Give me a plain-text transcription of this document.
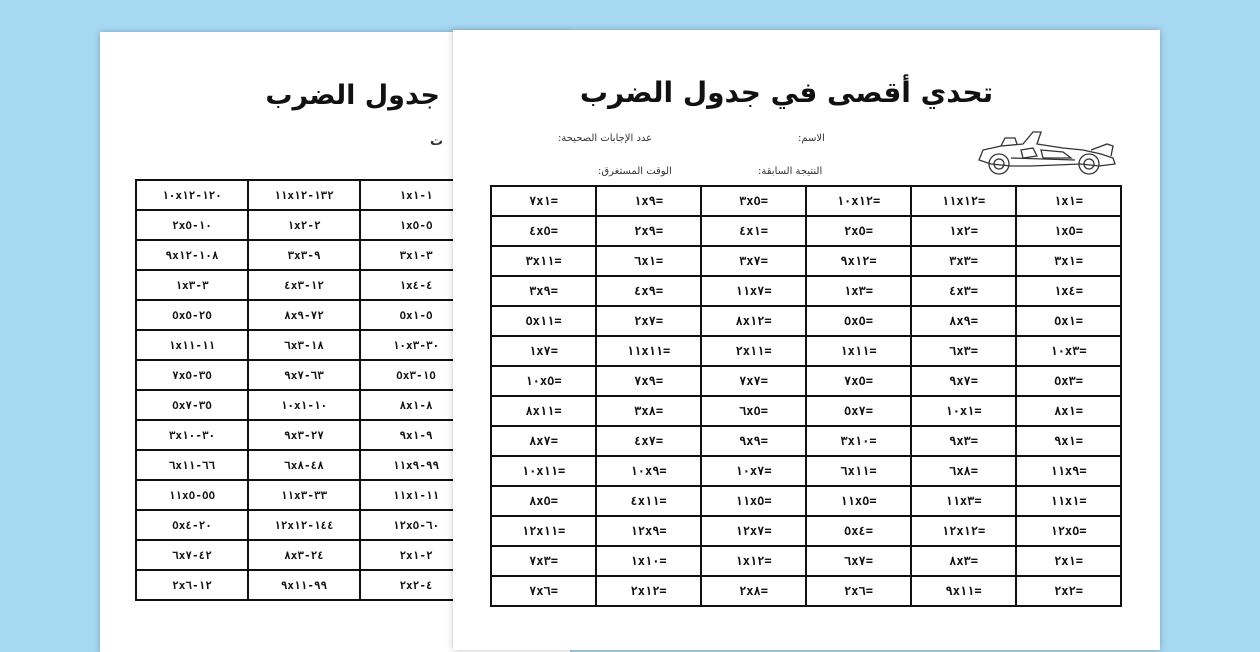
جدول الضرب
ت
١٢٠-١٠x١٢	١٣٢-١١x١٢	١-١x١
١٠-٢x٥	٢-١x٢	٥-١x٥
١٠٨-٩x١٢	٩-٣x٣	٣-٣x١
٣-١x٣	١٢-٤x٣	٤-١x٤
٢٥-٥x٥	٧٢-٨x٩	٥-٥x١
١١-١x١١	١٨-٦x٣	٣٠-١٠x٣
٣٥-٧x٥	٦٣-٩x٧	١٥-٥x٣
٣٥-٥x٧	١٠-١٠x١	٨-٨x١
٣٠-٣x١٠	٢٧-٩x٣	٩-٩x١
٦٦-٦x١١	٤٨-٦x٨	٩٩-١١x٩
٥٥-١١x٥	٣٣-١١x٣	١١-١١x١
٢٠-٥x٤	١٤٤-١٢x١٢	٦٠-١٢x٥
٤٢-٦x٧	٢٤-٨x٣	٢-٢x١
١٢-٢x٦	٩٩-٩x١١	٤-٢x٢
تحدي أقصى في جدول الضرب
الاسم:
عدد الإجابات الصحيحة:
النتيجة السابقة:
الوقت المستغرق:
=٧x١	=١x٩	=٣x٥	=١٠x١٢	=١١x١٢	=١x١
=٤x٥	=٢x٩	=٤x١	=٢x٥	=١x٢	=١x٥
=٣x١١	=٦x١	=٣x٧	=٩x١٢	=٣x٣	=٣x١
=٣x٩	=٤x٩	=١١x٧	=١x٣	=٤x٣	=١x٤
=٥x١١	=٢x٧	=٨x١٢	=٥x٥	=٨x٩	=٥x١
=١x٧	=١١x١١	=٢x١١	=١x١١	=٦x٣	=١٠x٣
=١٠x٥	=٧x٩	=٧x٧	=٧x٥	=٩x٧	=٥x٣
=٨x١١	=٣x٨	=٦x٥	=٥x٧	=١٠x١	=٨x١
=٨x٧	=٤x٧	=٩x٩	=٣x١٠	=٩x٣	=٩x١
=١٠x١١	=١٠x٩	=١٠x٧	=٦x١١	=٦x٨	=١١x٩
=٨x٥	=٤x١١	=١١x٥	=١١x٥	=١١x٣	=١١x١
=١٢x١١	=١٢x٩	=١٢x٧	=٥x٤	=١٢x١٢	=١٢x٥
=٧x٣	=١x١٠	=١x١٢	=٦x٧	=٨x٣	=٢x١
=٧x٦	=٢x١٢	=٢x٨	=٢x٦	=٩x١١	=٢x٢
